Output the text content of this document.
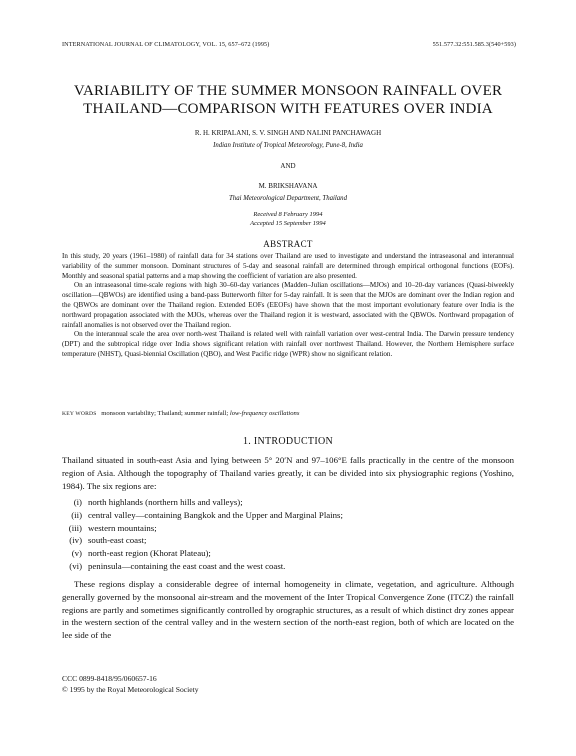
INTERNATIONAL JOURNAL OF CLIMATOLOGY, VOL. 15, 657–672 (1995)	551.577.32:551.585.3(540+593)
VARIABILITY OF THE SUMMER MONSOON RAINFALL OVER
THAILAND—COMPARISON WITH FEATURES OVER INDIA
R. H. KRIPALANI, S. V. SINGH AND NALINI PANCHAWAGH
Indian Institute of Tropical Meteorology, Pune-8, India
AND
M. BRIKSHAVANA
Thai Meteorological Department, Thailand
Received 8 February 1994
Accepted 15 September 1994
ABSTRACT

In this study, 20 years (1961–1980) of rainfall data for 34 stations over Thailand are used to investigate and understand the intraseasonal and interannual variability of the summer monsoon. Dominant structures of 5-day and seasonal rainfall are determined through empirical orthogonal functions (EOFs). Monthly and seasonal spatial patterns and a map showing the coefficient of variation are also presented.

On an intraseasonal time-scale regions with high 30–60-day variances (Madden–Julian oscillations—MJOs) and 10–20-day variances (Quasi-biweekly oscillation—QBWOs) are identified using a band-pass Butterworth filter for 5-day rainfall. It is seen that the MJOs are dominant over the Indian region and the QBWOs are dominant over the Thailand region. Extended EOFs (EEOFs) have shown that the most important evolutionary feature over India is the northward propagation associated with the MJOs, whereas over the Thailand region it is westward, associated with the QBWOs. Northward propagation of rainfall anomalies is not observed over the Thailand region.

On the interannual scale the area over north-west Thailand is related well with rainfall variation over west-central India. The Darwin pressure tendency (DPT) and the subtropical ridge over India shows significant relation with rainfall over northwest Thailand. However, the Northern Hemisphere surface temperature (NHST), Quasi-biennial Oscillation (QBO), and West Pacific ridge (WPR) show no significant relation.

KEY WORDS monsoon variability; Thailand; summer rainfall; low-frequency oscillations
1. INTRODUCTION

Thailand situated in south-east Asia and lying between 5° 20′N and 97–106°E falls practically in the centre of the monsoon region of Asia. Although the topography of Thailand varies greatly, it can be divided into six physiographic regions (Yoshino, 1984). The six regions are:

(i) north highlands (northern hills and valleys);
(ii) central valley—containing Bangkok and the Upper and Marginal Plains;
(iii) western mountains;
(iv) south-east coast;
(v) north-east region (Khorat Plateau);
(vi) peninsula—containing the east coast and the west coast.

These regions display a considerable degree of internal homogeneity in climate, vegetation, and agriculture. Although generally governed by the monsoonal air-stream and the movement of the Inter Tropical Convergence Zone (ITCZ) the rainfall regions are partly and sometimes significantly controlled by orographic structures, as a result of which distinct dry zones appear in the western section of the central valley and in the western section of the north-east region, both of which are located on the lee side of the

CCC 0899-8418/95/060657-16
© 1995 by the Royal Meteorological Society
